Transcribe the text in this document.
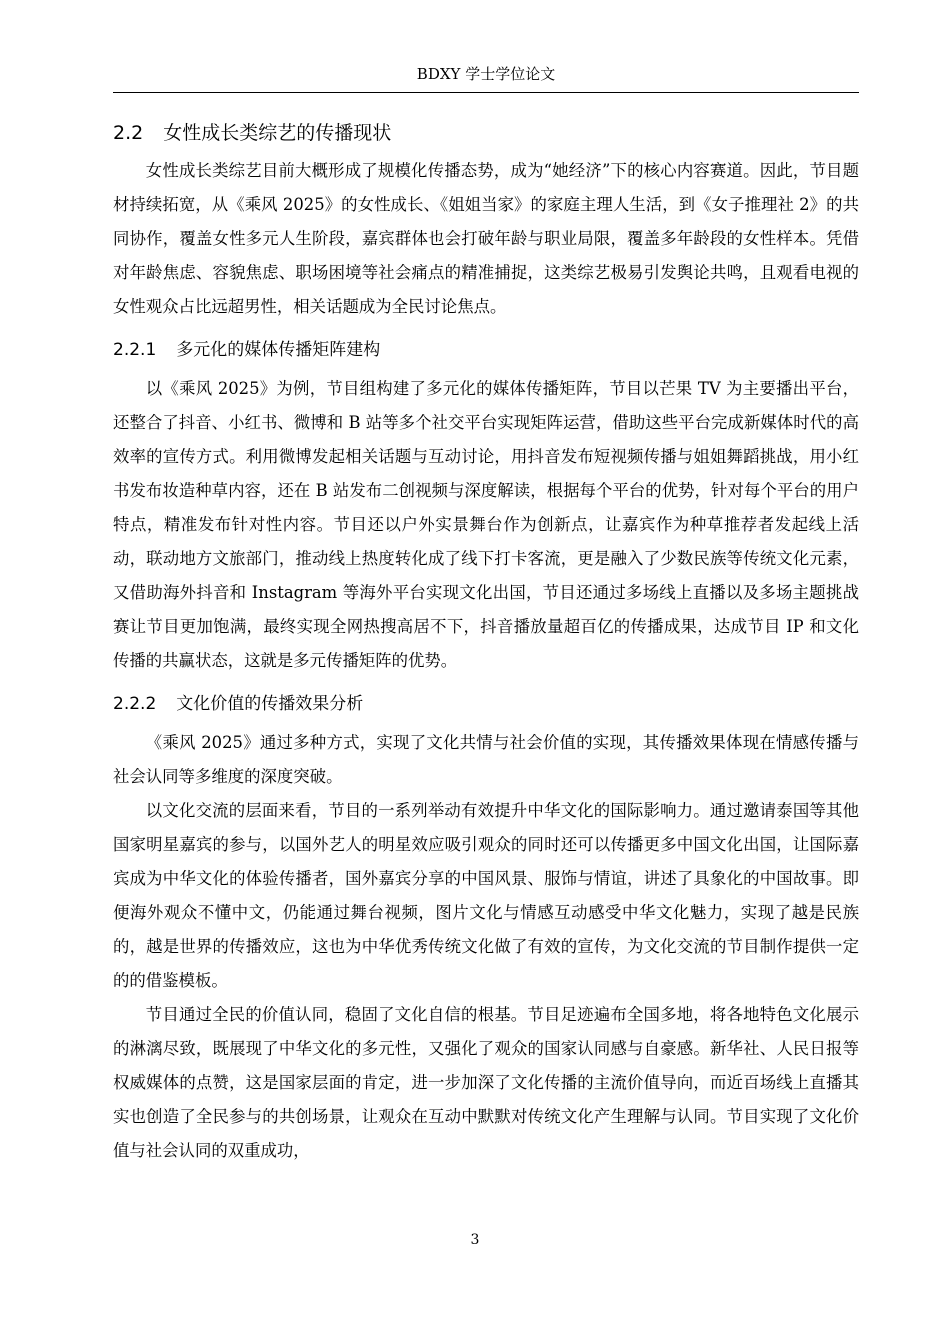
BDXY 学士学位论文
2.2 女性成长类综艺的传播现状

女性成长类综艺目前大概形成了规模化传播态势，成为“她经济”下的核心内容赛道。因此，节目题材持续拓宽，从《乘风 2025》的女性成长、《姐姐当家》的家庭主理人生活，到《女子推理社 2》的共同协作，覆盖女性多元人生阶段，嘉宾群体也会打破年龄与职业局限，覆盖多年龄段的女性样本。凭借对年龄焦虑、容貌焦虑、职场困境等社会痛点的精准捕捉，这类综艺极易引发舆论共鸣，且观看电视的女性观众占比远超男性，相关话题成为全民讨论焦点。

2.2.1 多元化的媒体传播矩阵建构

以《乘风 2025》为例，节目组构建了多元化的媒体传播矩阵，节目以芒果 TV 为主要播出平台，还整合了抖音、小红书、微博和 B 站等多个社交平台实现矩阵运营，借助这些平台完成新媒体时代的高效率的宣传方式。利用微博发起相关话题与互动讨论，用抖音发布短视频传播与姐姐舞蹈挑战，用小红书发布妆造种草内容，还在 B 站发布二创视频与深度解读，根据每个平台的优势，针对每个平台的用户特点，精准发布针对性内容。节目还以户外实景舞台作为创新点，让嘉宾作为种草推荐者发起线上活动，联动地方文旅部门，推动线上热度转化成了线下打卡客流，更是融入了少数民族等传统文化元素，又借助海外抖音和 Instagram 等海外平台实现文化出国，节目还通过多场线上直播以及多场主题挑战赛让节目更加饱满，最终实现全网热搜高居不下，抖音播放量超百亿的传播成果，达成节目 IP 和文化传播的共赢状态，这就是多元传播矩阵的优势。

2.2.2 文化价值的传播效果分析

《乘风 2025》通过多种方式，实现了文化共情与社会价值的实现，其传播效果体现在情感传播与社会认同等多维度的深度突破。

以文化交流的层面来看，节目的一系列举动有效提升中华文化的国际影响力。通过邀请泰国等其他国家明星嘉宾的参与，以国外艺人的明星效应吸引观众的同时还可以传播更多中国文化出国，让国际嘉宾成为中华文化的体验传播者，国外嘉宾分享的中国风景、服饰与情谊，讲述了具象化的中国故事。即便海外观众不懂中文，仍能通过舞台视频，图片文化与情感互动感受中华文化魅力，实现了越是民族的，越是世界的传播效应，这也为中华优秀传统文化做了有效的宣传，为文化交流的节目制作提供一定的的借鉴模板。

节目通过全民的价值认同，稳固了文化自信的根基。节目足迹遍布全国多地，将各地特色文化展示的淋漓尽致，既展现了中华文化的多元性，又强化了观众的国家认同感与自豪感。新华社、人民日报等权威媒体的点赞，这是国家层面的肯定，进一步加深了文化传播的主流价值导向，而近百场线上直播其实也创造了全民参与的共创场景，让观众在互动中默默对传统文化产生理解与认同。节目实现了文化价值与社会认同的双重成功，

3
